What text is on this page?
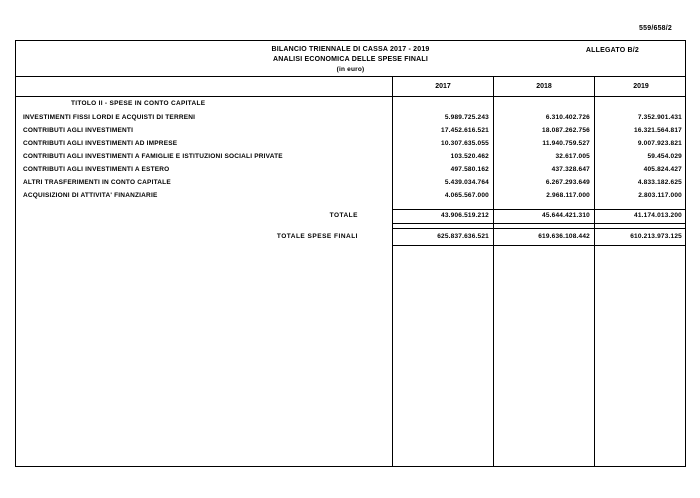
559/658/2
BILANCIO TRIENNALE DI CASSA 2017 - 2019
ANALISI ECONOMICA DELLE SPESE FINALI
(in euro)
ALLEGATO B/2
2017	2018	2019
TITOLO II - SPESE IN CONTO CAPITALE
INVESTIMENTI FISSI LORDI E ACQUISTI DI TERRENI	5.989.725.243	6.310.402.726	7.352.901.431
CONTRIBUTI AGLI INVESTIMENTI	17.452.616.521	18.087.262.756	16.321.564.817
CONTRIBUTI AGLI INVESTIMENTI AD IMPRESE	10.307.635.055	11.940.759.527	9.007.923.821
CONTRIBUTI AGLI INVESTIMENTI A FAMIGLIE E ISTITUZIONI SOCIALI PRIVATE	103.520.462	32.617.005	59.454.029
CONTRIBUTI AGLI INVESTIMENTI A ESTERO	497.580.162	437.328.647	405.824.427
ALTRI TRASFERIMENTI IN CONTO CAPITALE	5.439.034.764	6.267.293.649	4.833.182.625
ACQUISIZIONI DI ATTIVITA' FINANZIARIE	4.065.567.000	2.968.117.000	2.803.117.000
TOTALE	43.906.519.212	45.644.421.310	41.174.013.200
TOTALE SPESE FINALI	625.837.636.521	619.636.108.442	610.213.973.125
